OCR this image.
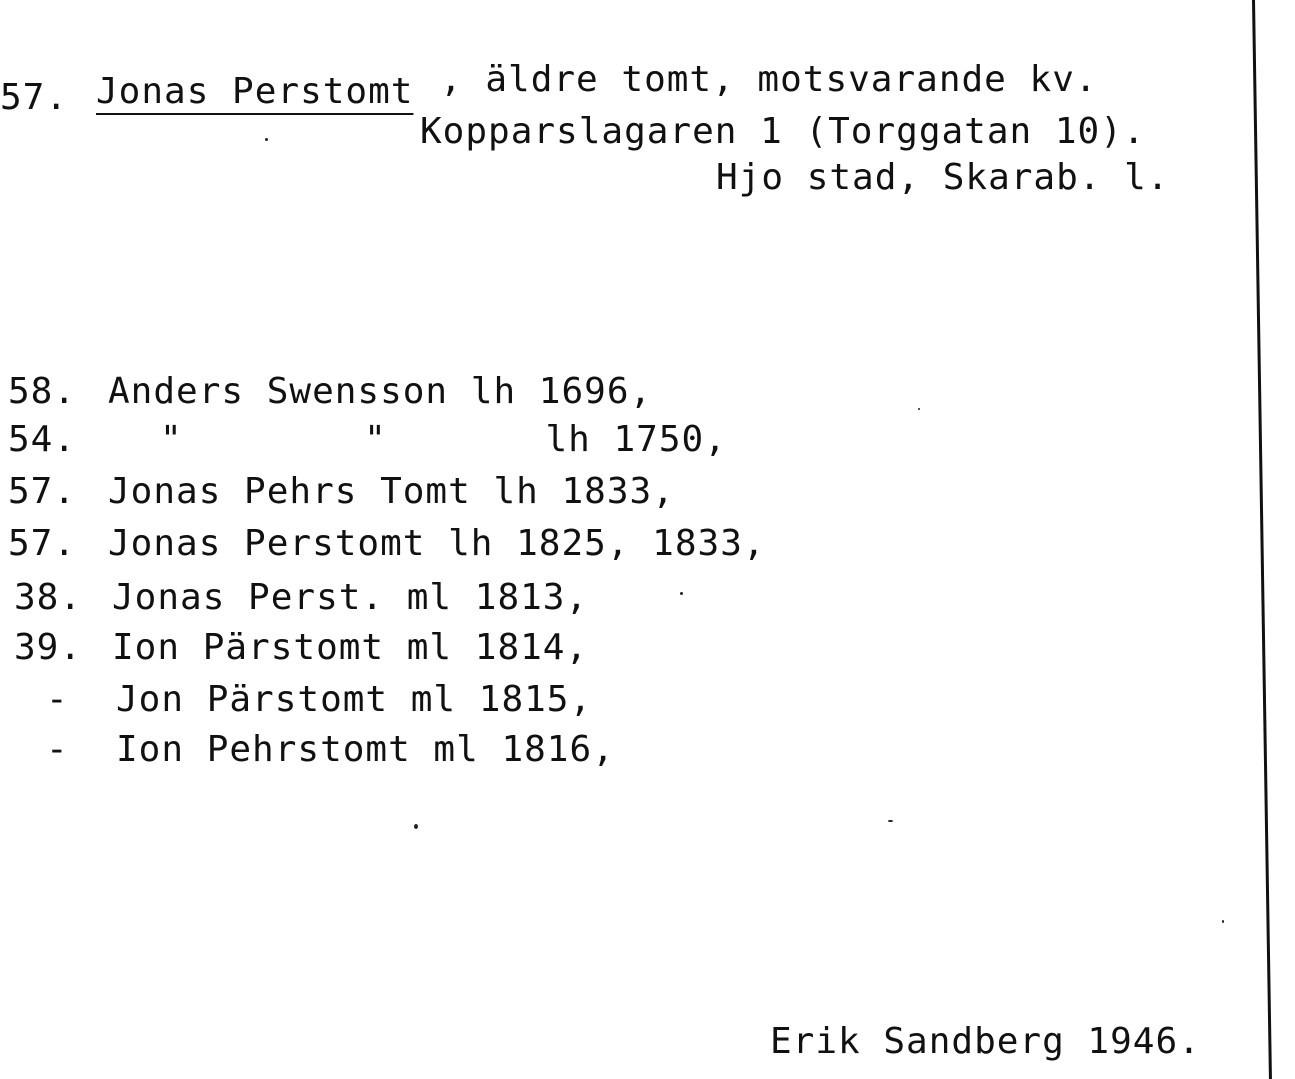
57. Jonas Perstomt , äldre tomt, motsvarande kv.
Kopparslagaren 1 (Torggatan 10).
Hjo stad, Skarab. l.
58. Anders Swensson lh 1696,
54. "        "       lh 1750,
57. Jonas Pehrs Tomt lh 1833,
57. Jonas Perstomt lh 1825, 1833,
38. Jonas Perst. ml 1813,
39. Ion Pärstomt ml 1814,
- Jon Pärstomt ml 1815,
- Ion Pehrstomt ml 1816,
Erik Sandberg 1946.
